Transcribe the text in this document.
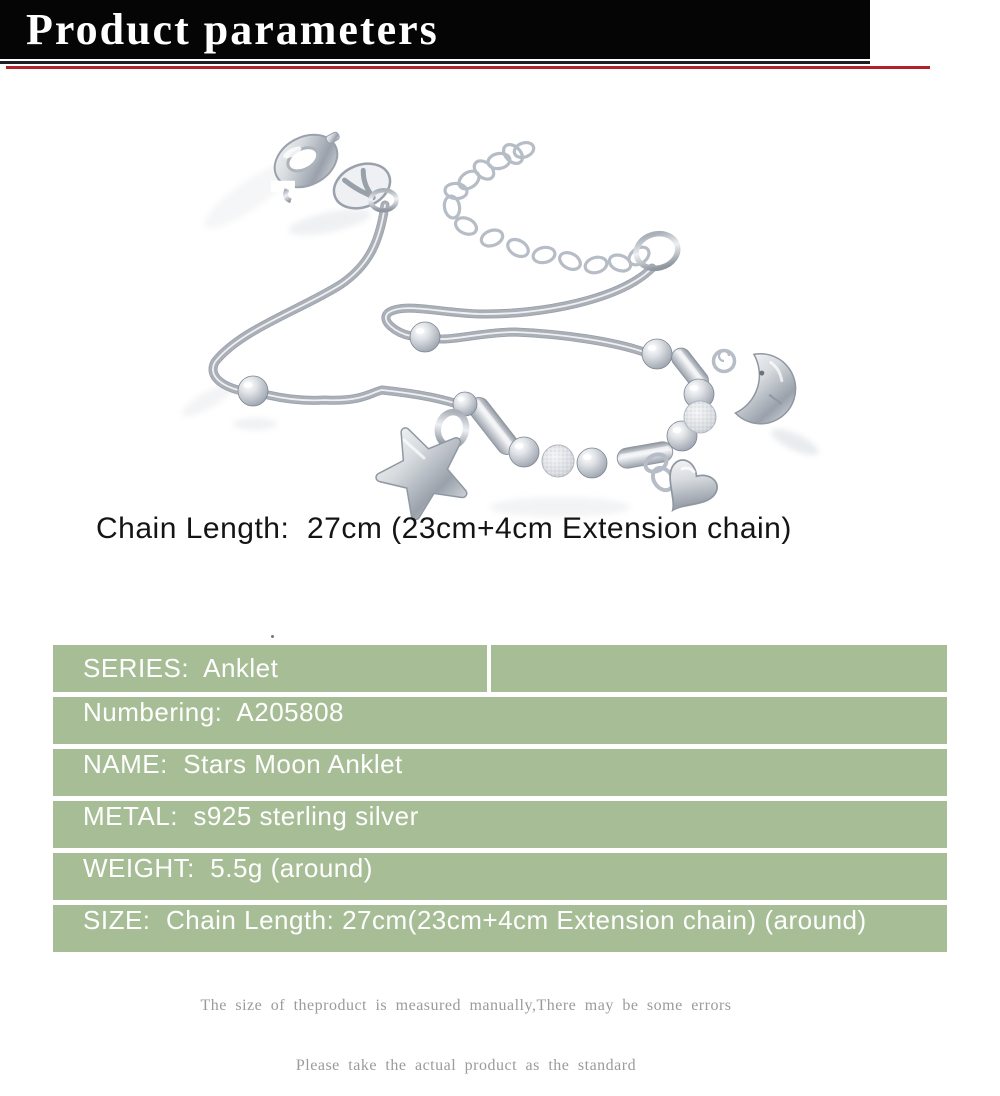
Product parameters
Chain Length:  27cm (23cm+4cm Extension chain)
SERIES:  Anklet
Numbering:  A205808
NAME:  Stars Moon Anklet
METAL:  s925 sterling silver
WEIGHT:  5.5g (around)
SIZE:  Chain Length: 27cm(23cm+4cm Extension chain) (around)

The size of theproduct is measured manually,There may be some errors

Please take the actual product as the standard
